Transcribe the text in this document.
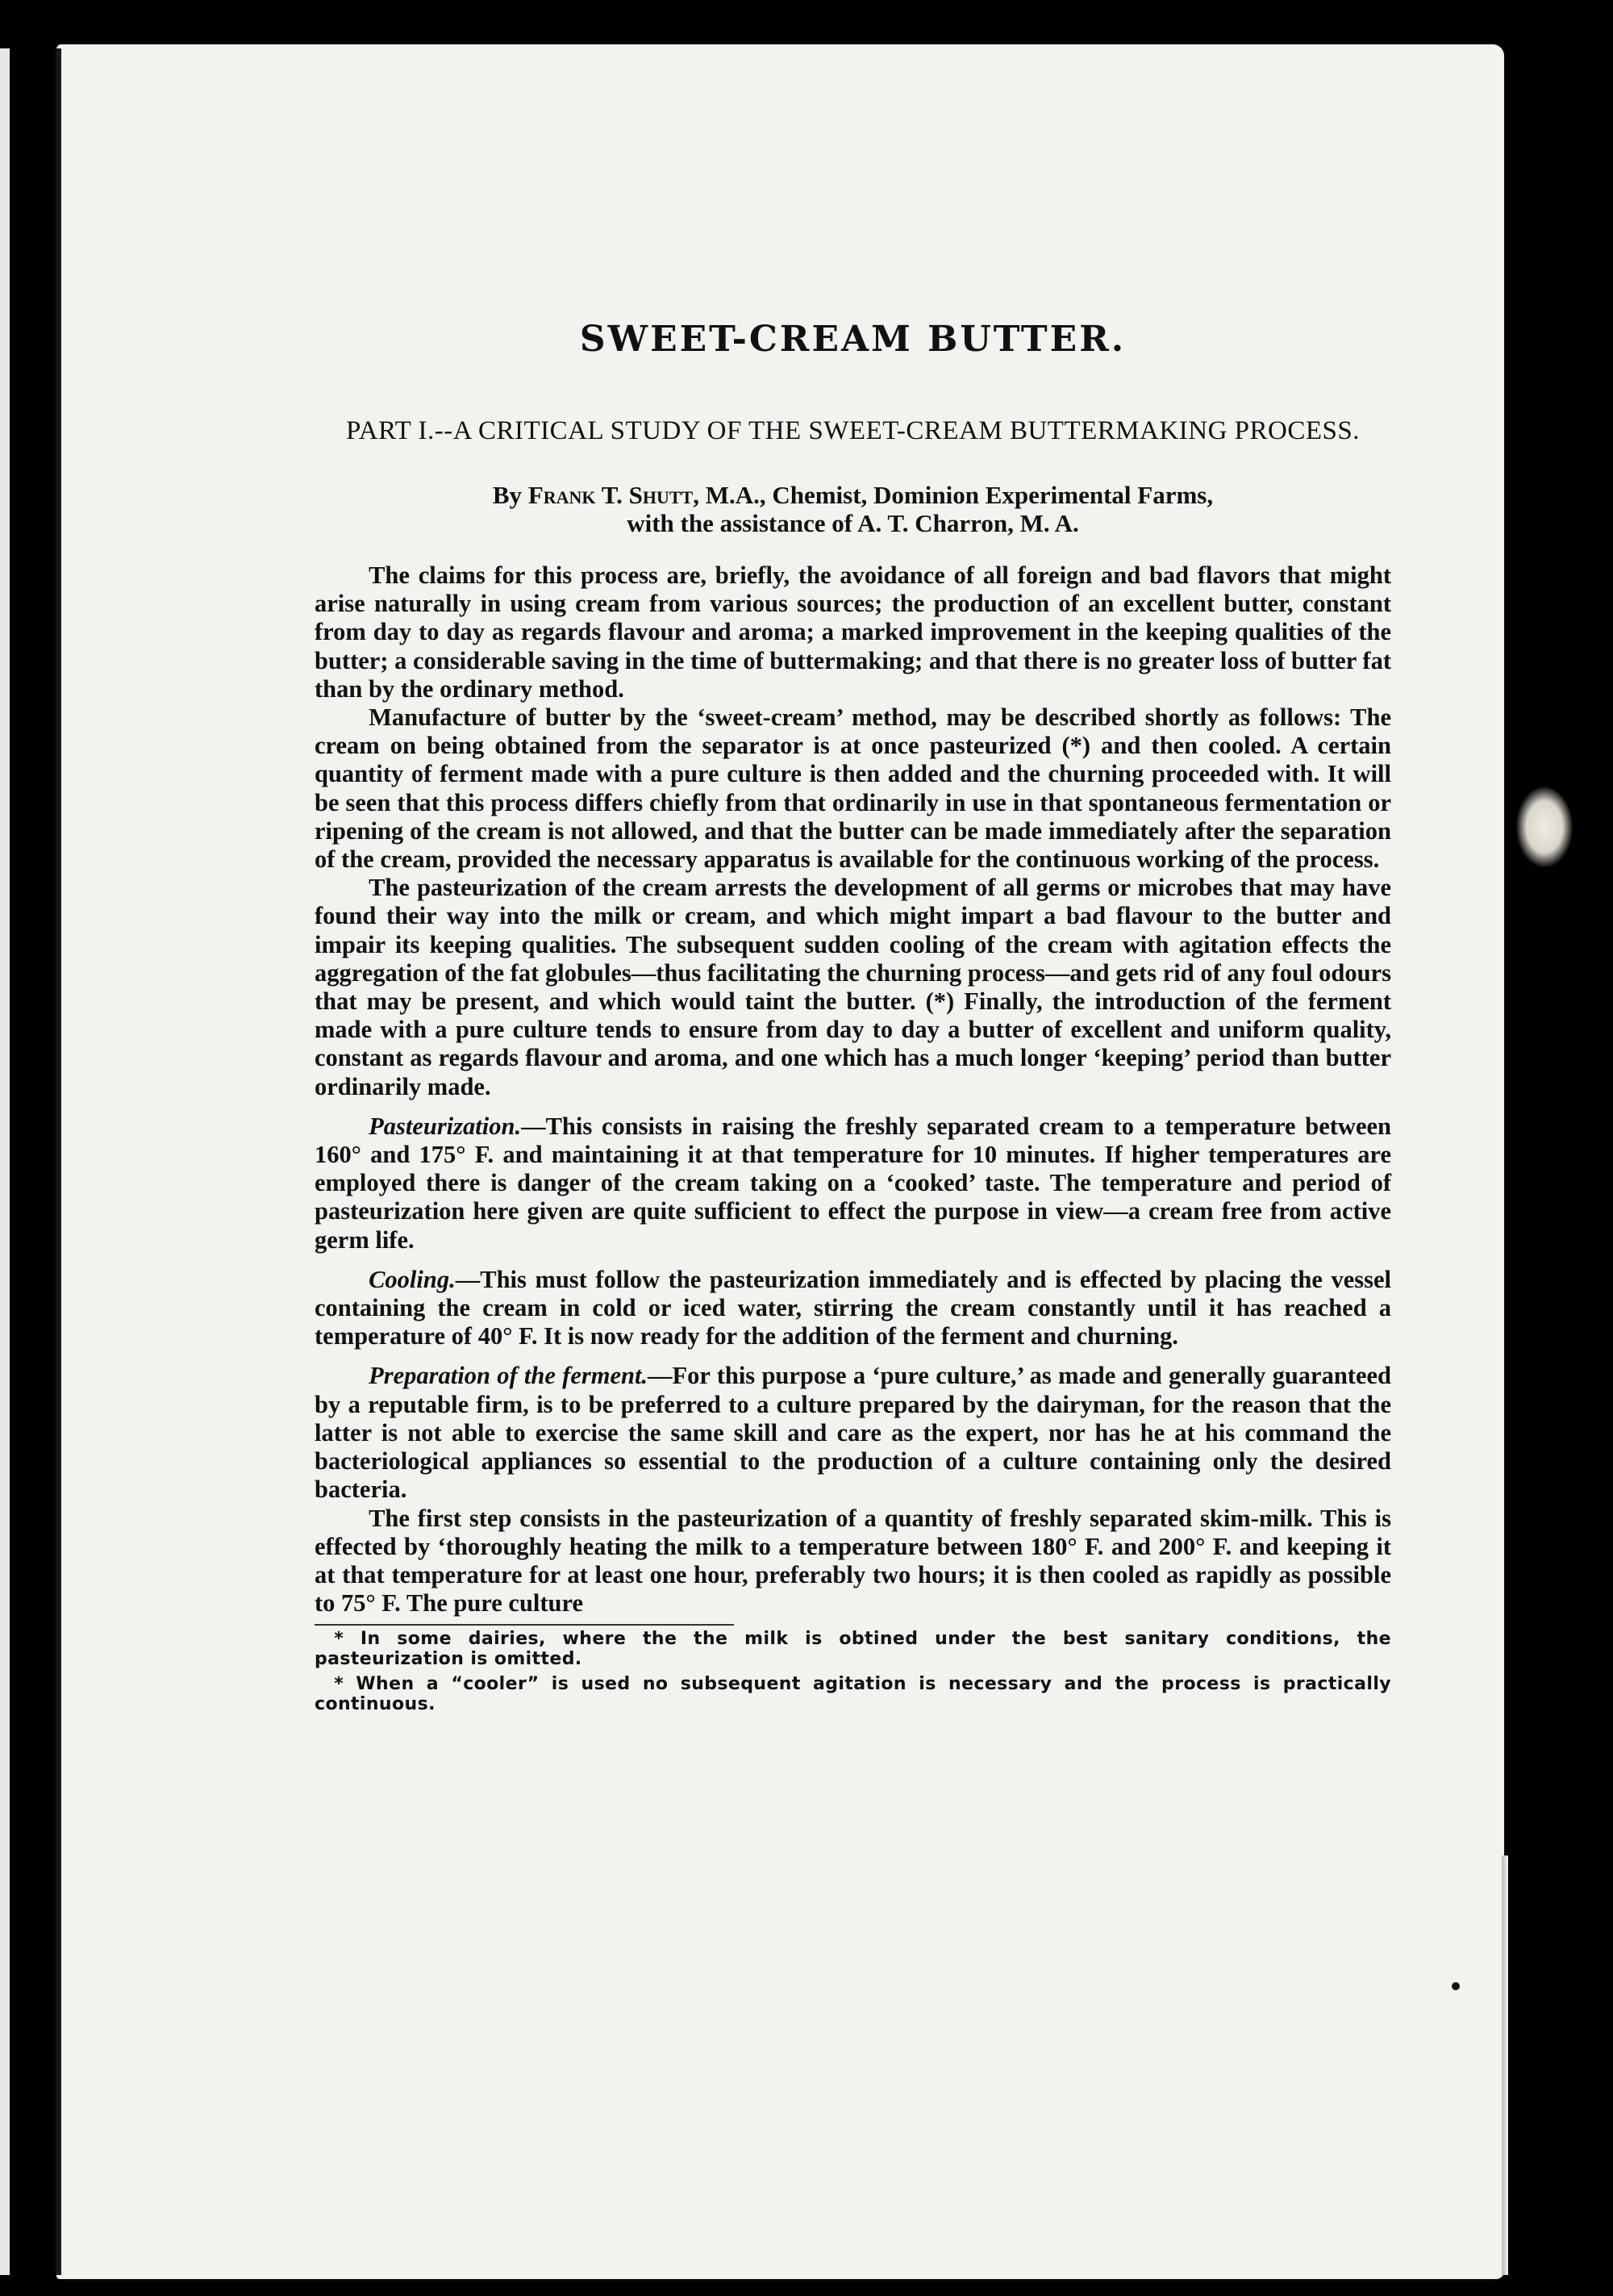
SWEET-CREAM BUTTER.
PART I.--A CRITICAL STUDY OF THE SWEET-CREAM BUTTERMAKING PROCESS.
By Frank T. Shutt, M.A., Chemist, Dominion Experimental Farms,
with the assistance of A. T. Charron, M. A.

The claims for this process are, briefly, the avoidance of all foreign and bad flavors that might arise naturally in using cream from various sources; the production of an excellent butter, constant from day to day as regards flavour and aroma; a marked improvement in the keeping qualities of the butter; a considerable saving in the time of buttermaking; and that there is no greater loss of butter fat than by the ordinary method.

Manufacture of butter by the ‘sweet-cream’ method, may be described shortly as follows: The cream on being obtained from the separator is at once pasteurized (*) and then cooled. A certain quantity of ferment made with a pure culture is then added and the churning proceeded with. It will be seen that this process differs chiefly from that ordinarily in use in that spontaneous fermentation or ripening of the cream is not allowed, and that the butter can be made immediately after the separation of the cream, provided the necessary apparatus is available for the continuous working of the process.

The pasteurization of the cream arrests the development of all germs or microbes that may have found their way into the milk or cream, and which might impart a bad flavour to the butter and impair its keeping qualities. The subsequent sudden cooling of the cream with agitation effects the aggregation of the fat globules—thus facilitating the churning process—and gets rid of any foul odours that may be present, and which would taint the butter. (*) Finally, the introduction of the ferment made with a pure culture tends to ensure from day to day a butter of excellent and uniform quality, constant as regards flavour and aroma, and one which has a much longer ‘keeping’ period than butter ordinarily made.

Pasteurization.—This consists in raising the freshly separated cream to a temperature between 160° and 175° F. and maintaining it at that temperature for 10 minutes. If higher temperatures are employed there is danger of the cream taking on a ‘cooked’ taste. The temperature and period of pasteurization here given are quite sufficient to effect the purpose in view—a cream free from active germ life.

Cooling.—This must follow the pasteurization immediately and is effected by placing the vessel containing the cream in cold or iced water, stirring the cream constantly until it has reached a temperature of 40° F. It is now ready for the addition of the ferment and churning.

Preparation of the ferment.—For this purpose a ‘pure culture,’ as made and generally guaranteed by a reputable firm, is to be preferred to a culture prepared by the dairyman, for the reason that the latter is not able to exercise the same skill and care as the expert, nor has he at his command the bacteriological appliances so essential to the production of a culture containing only the desired bacteria.

The first step consists in the pasteurization of a quantity of freshly separated skim-milk. This is effected by ‘thoroughly heating the milk to a temperature between 180° F. and 200° F. and keeping it at that temperature for at least one hour, preferably two hours; it is then cooled as rapidly as possible to 75° F. The pure culture

* In some dairies, where the the milk is obtined under the best sanitary conditions, the pasteurization is omitted.

* When a “cooler” is used no subsequent agitation is necessary and the process is practically continuous.
